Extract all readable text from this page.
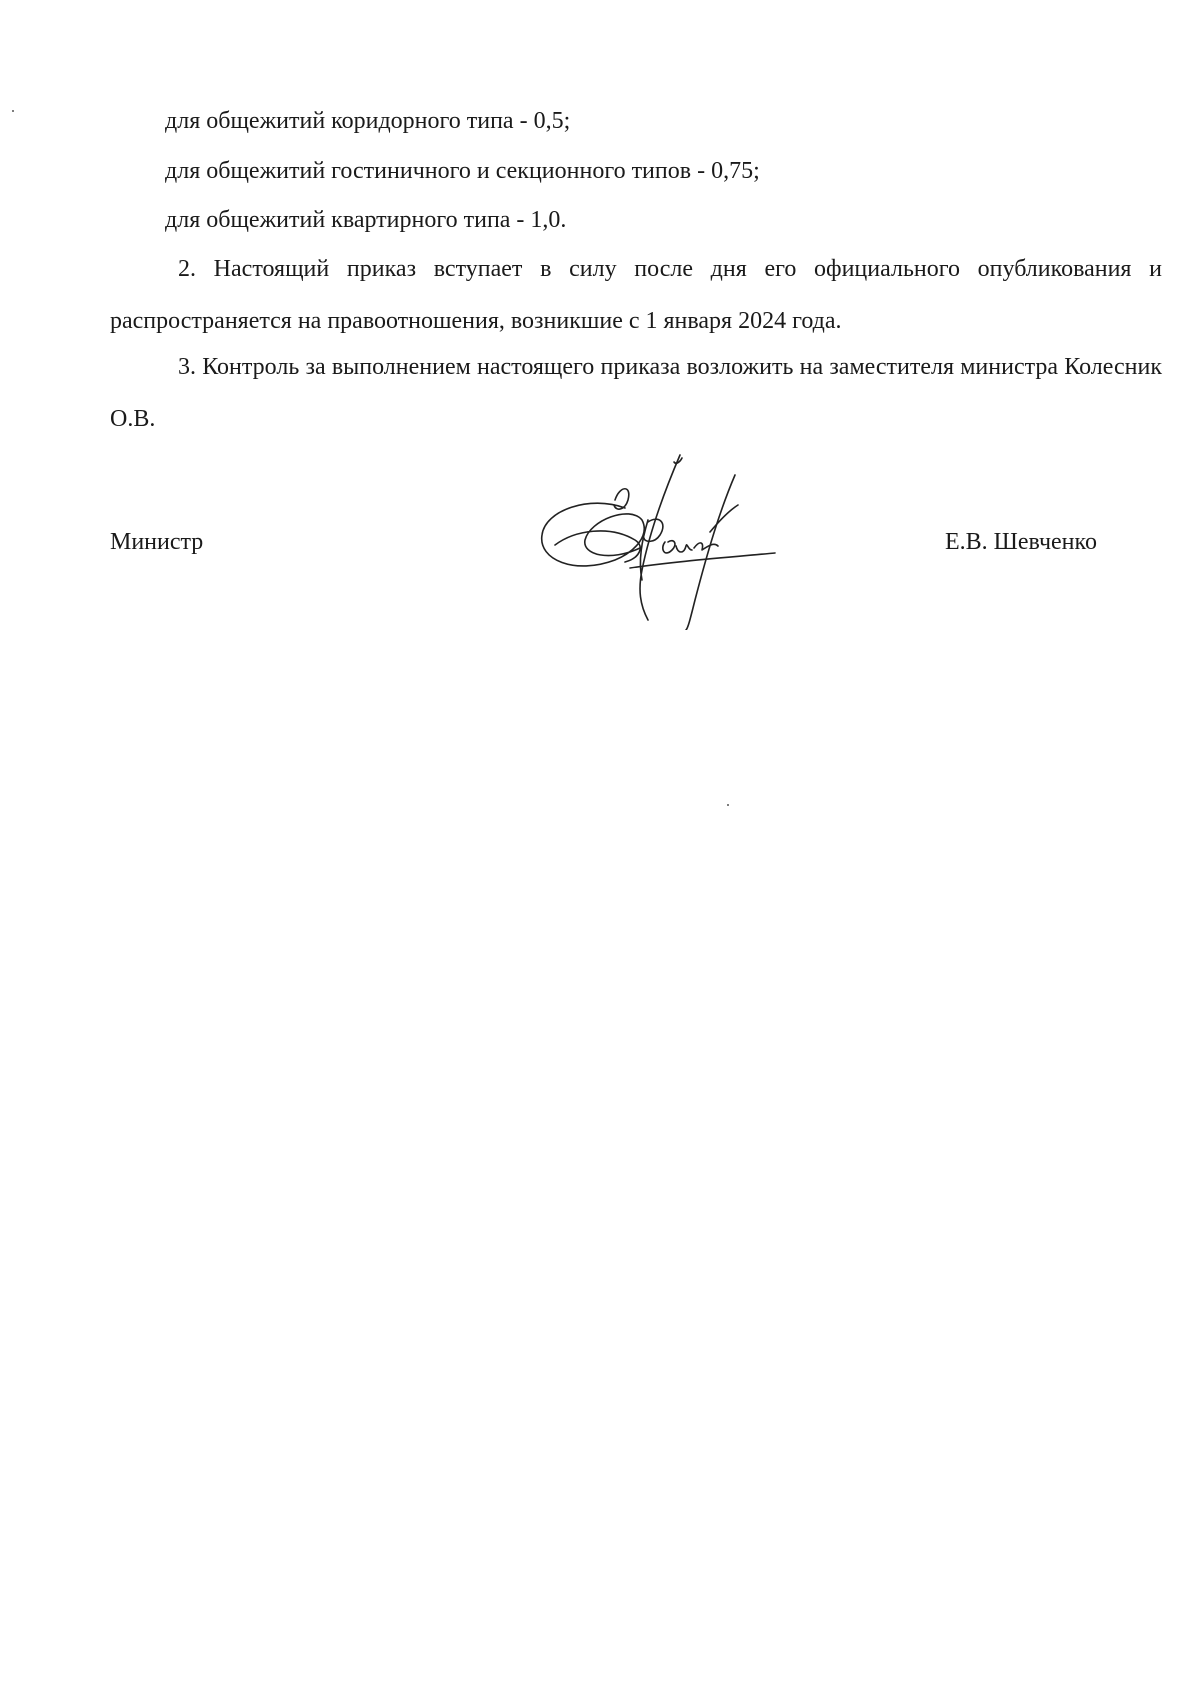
для общежитий коридорного типа - 0,5;
для общежитий гостиничного и секционного типов - 0,75;
для общежитий квартирного типа - 1,0.
2. Настоящий приказ вступает в силу после дня его официального опубликования и распространяется на правоотношения, возникшие с 1 января 2024 года.
3. Контроль за выполнением настоящего приказа возложить на заместителя министра Колесник О.В.
Министр	Е.В. Шевченко
